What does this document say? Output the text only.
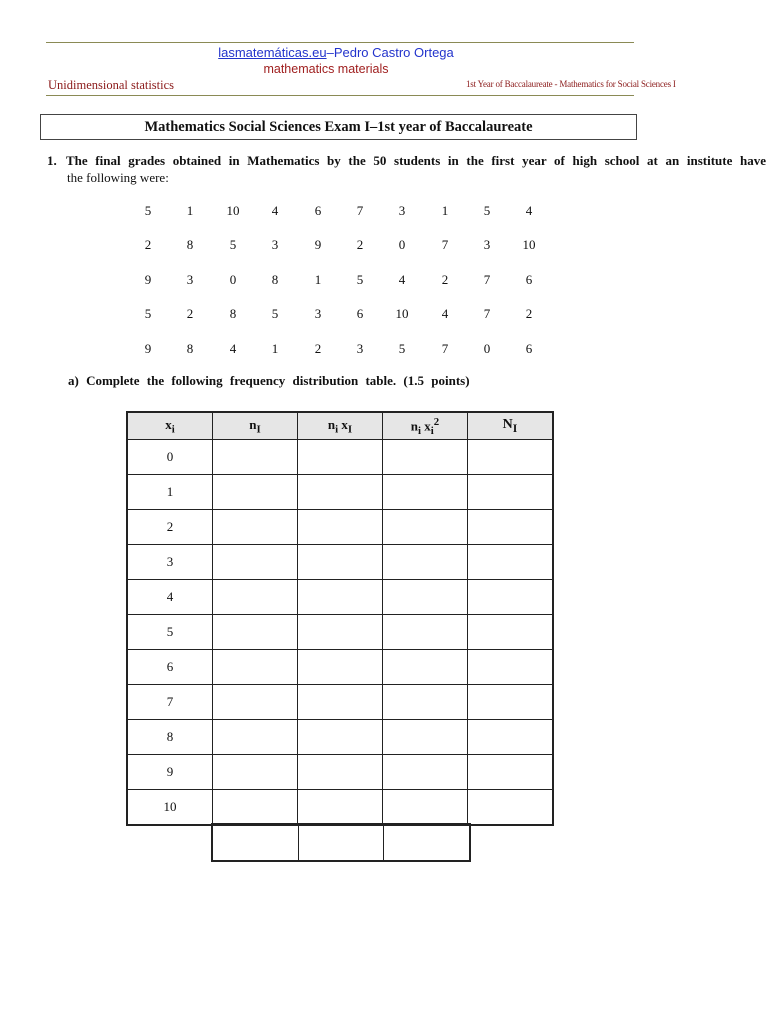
lasmatemáticas.eu–Pedro Castro Ortega
mathematics materials
Unidimensional statistics	1st Year of Baccalaureate - Mathematics for Social Sciences I
Mathematics Social Sciences Exam I–1st year of Baccalaureate
1. The final grades obtained in Mathematics by the 50 students in the first year of high school at an institute have
the following were:
5	1	10	4	6	7	3	1	5	4
2	8	5	3	9	2	0	7	3	10
9	3	0	8	1	5	4	2	7	6
5	2	8	5	3	6	10	4	7	2
9	8	4	1	2	3	5	7	0	6
a) Complete the following frequency distribution table. (1.5 points)
$x_i$	$n_I$	$n_i$ $x_I$	$n_i$ $x_i^2$	$N_I$
0				
1				
2				
3				
4				
5				
6				
7				
8				
9				
10				
